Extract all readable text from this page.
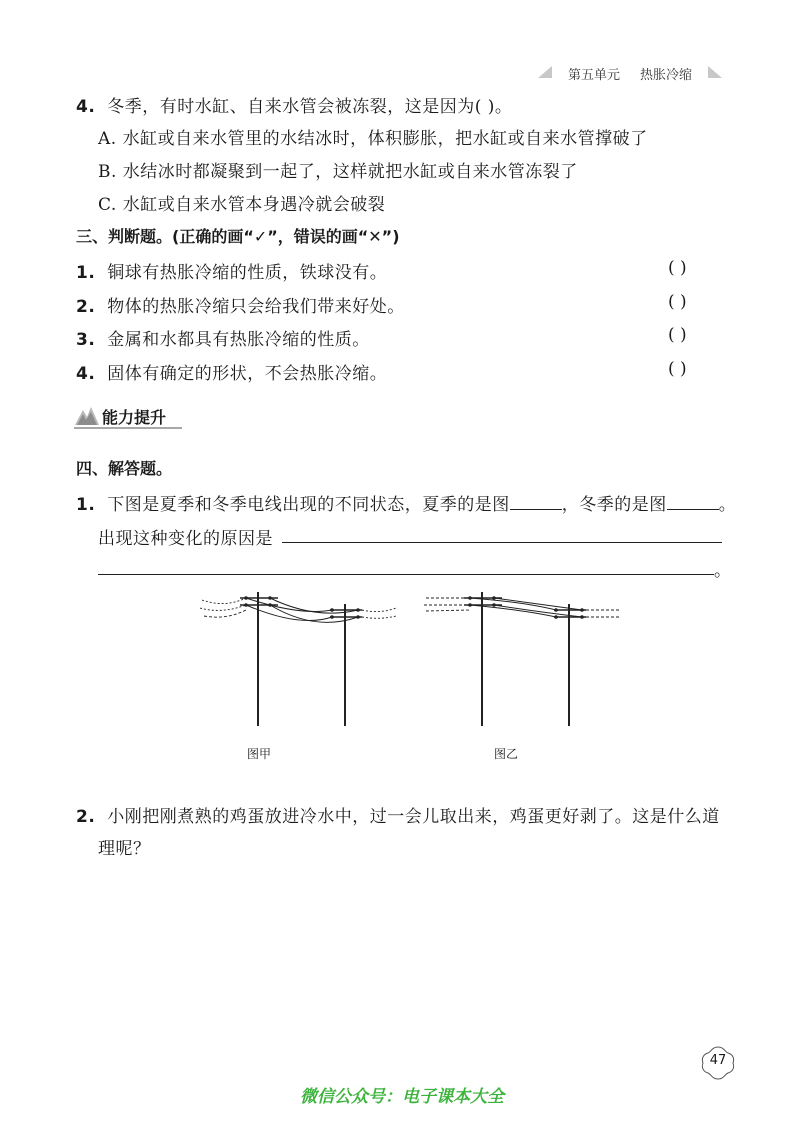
第五单元 热胀冷缩
4. 冬季，有时水缸、自来水管会被冻裂，这是因为( )。
A. 水缸或自来水管里的水结冰时，体积膨胀，把水缸或自来水管撑破了
B. 水结冰时都凝聚到一起了，这样就把水缸或自来水管冻裂了
C. 水缸或自来水管本身遇冷就会破裂
三、判断题。(正确的画“✓”，错误的画“✕”)
1. 铜球有热胀冷缩的性质，铁球没有。	( )
2. 物体的热胀冷缩只会给我们带来好处。	( )
3. 金属和水都具有热胀冷缩的性质。	( )
4. 固体有确定的形状，不会热胀冷缩。	( )
能力提升
四、解答题。
1. 下图是夏季和冬季电线出现的不同状态，夏季的是图	，冬季的是图	。
出现这种变化的原因是
。
图甲	图乙
2. 小刚把刚煮熟的鸡蛋放进冷水中，过一会儿取出来，鸡蛋更好剥了。这是什么道
理呢？
47
微信公众号：电子课本大全
